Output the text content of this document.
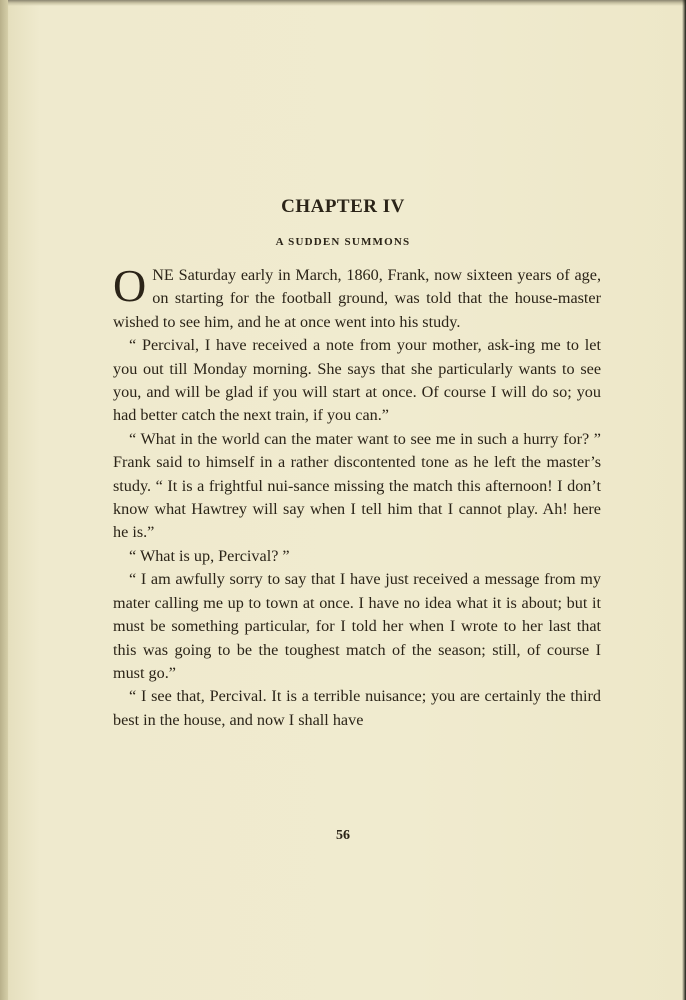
CHAPTER IV
A SUDDEN SUMMONS

ONE Saturday early in March, 1860, Frank, now sixteen years of age, on starting for the football ground, was told that the house-master wished to see him, and he at once went into his study.

“ Percival, I have received a note from your mother, ask-ing me to let you out till Monday morning. She says that she particularly wants to see you, and will be glad if you will start at once. Of course I will do so; you had better catch the next train, if you can.”

“ What in the world can the mater want to see me in such a hurry for? ” Frank said to himself in a rather discontented tone as he left the master’s study. “ It is a frightful nui-sance missing the match this afternoon! I don’t know what Hawtrey will say when I tell him that I cannot play. Ah! here he is.”

“ What is up, Percival? ”

“ I am awfully sorry to say that I have just received a message from my mater calling me up to town at once. I have no idea what it is about; but it must be something particular, for I told her when I wrote to her last that this was going to be the toughest match of the season; still, of course I must go.”

“ I see that, Percival. It is a terrible nuisance; you are certainly the third best in the house, and now I shall have

56
